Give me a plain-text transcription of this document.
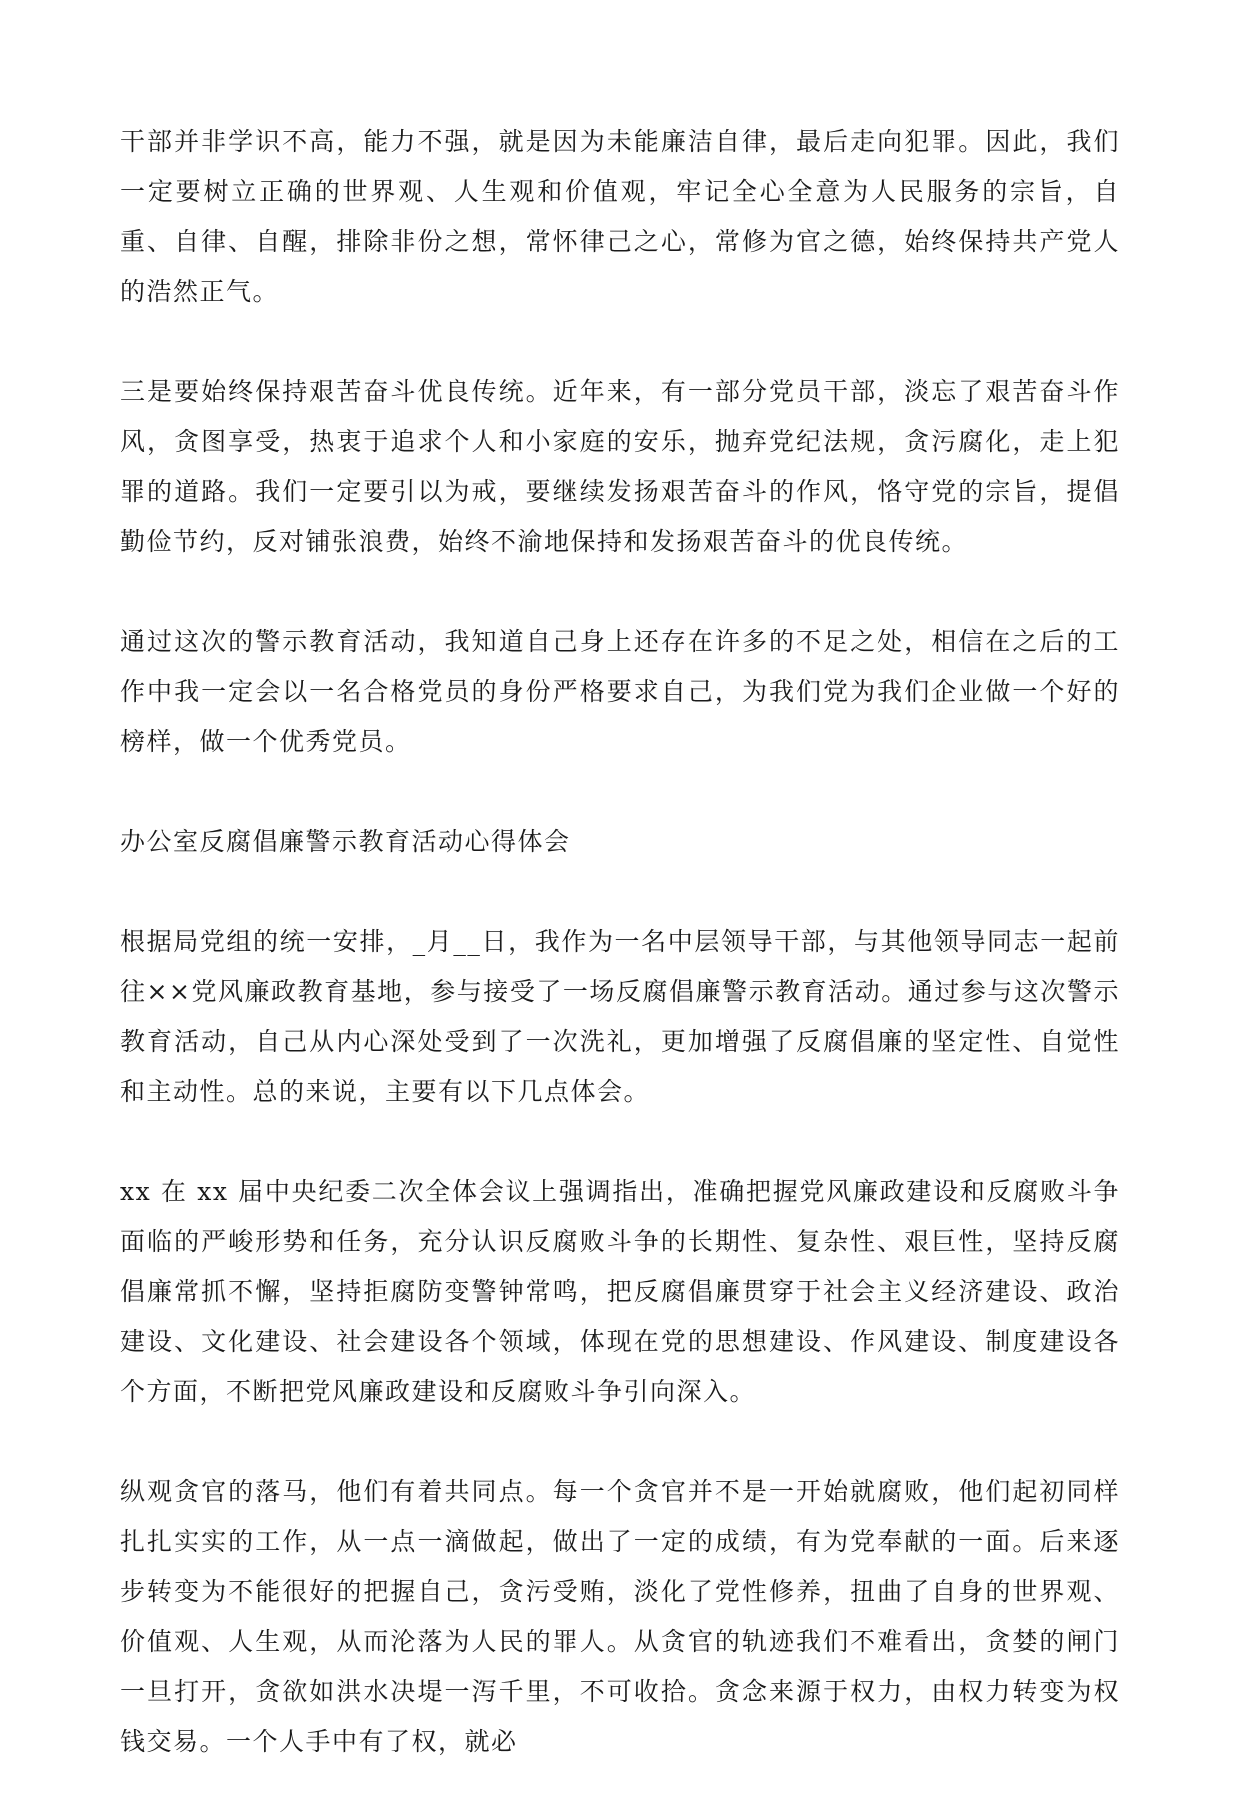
干部并非学识不高，能力不强，就是因为未能廉洁自律，最后走向犯罪。因此，我们一定要树立正确的世界观、人生观和价值观，牢记全心全意为人民服务的宗旨，自重、自律、自醒，排除非份之想，常怀律己之心，常修为官之德，始终保持共产党人的浩然正气。

三是要始终保持艰苦奋斗优良传统。近年来，有一部分党员干部，淡忘了艰苦奋斗作风，贪图享受，热衷于追求个人和小家庭的安乐，抛弃党纪法规，贪污腐化，走上犯罪的道路。我们一定要引以为戒，要继续发扬艰苦奋斗的作风，恪守党的宗旨，提倡勤俭节约，反对铺张浪费，始终不渝地保持和发扬艰苦奋斗的优良传统。

通过这次的警示教育活动，我知道自己身上还存在许多的不足之处，相信在之后的工作中我一定会以一名合格党员的身份严格要求自己，为我们党为我们企业做一个好的榜样，做一个优秀党员。

办公室反腐倡廉警示教育活动心得体会

根据局党组的统一安排，_月__日，我作为一名中层领导干部，与其他领导同志一起前往××党风廉政教育基地，参与接受了一场反腐倡廉警示教育活动。通过参与这次警示教育活动，自己从内心深处受到了一次洗礼，更加增强了反腐倡廉的坚定性、自觉性和主动性。总的来说，主要有以下几点体会。

xx 在 xx 届中央纪委二次全体会议上强调指出，准确把握党风廉政建设和反腐败斗争面临的严峻形势和任务，充分认识反腐败斗争的长期性、复杂性、艰巨性，坚持反腐倡廉常抓不懈，坚持拒腐防变警钟常鸣，把反腐倡廉贯穿于社会主义经济建设、政治建设、文化建设、社会建设各个领域，体现在党的思想建设、作风建设、制度建设各个方面，不断把党风廉政建设和反腐败斗争引向深入。

纵观贪官的落马，他们有着共同点。每一个贪官并不是一开始就腐败，他们起初同样扎扎实实的工作，从一点一滴做起，做出了一定的成绩，有为党奉献的一面。后来逐步转变为不能很好的把握自己，贪污受贿，淡化了党性修养，扭曲了自身的世界观、价值观、人生观，从而沦落为人民的罪人。从贪官的轨迹我们不难看出，贪婪的闸门一旦打开，贪欲如洪水决堤一泻千里，不可收拾。贪念来源于权力，由权力转变为权钱交易。一个人手中有了权，就必
